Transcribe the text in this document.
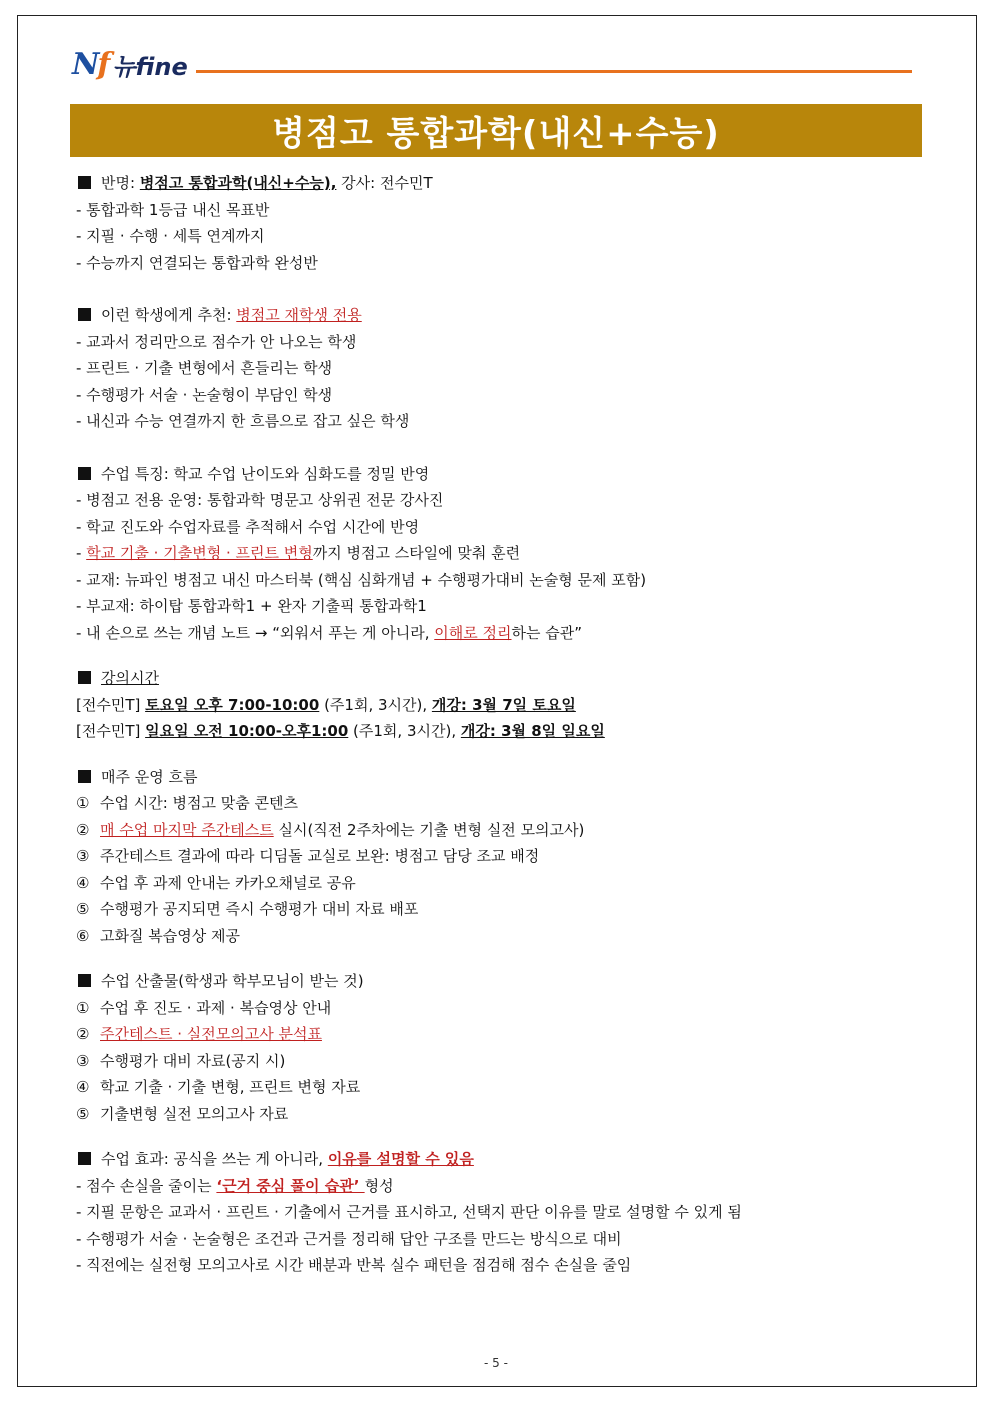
Nf 뉴fine
병점고 통합과학(내신+수능)
반명: 병점고 통합과학(내신+수능), 강사: 전수민T
- 통합과학 1등급 내신 목표반
- 지필 · 수행 · 세특 연계까지
- 수능까지 연결되는 통합과학 완성반
이런 학생에게 추천: 병점고 재학생 전용
- 교과서 정리만으로 점수가 안 나오는 학생
- 프린트 · 기출 변형에서 흔들리는 학생
- 수행평가 서술 · 논술형이 부담인 학생
- 내신과 수능 연결까지 한 흐름으로 잡고 싶은 학생
수업 특징: 학교 수업 난이도와 심화도를 정밀 반영
- 병점고 전용 운영: 통합과학 명문고 상위권 전문 강사진
- 학교 진도와 수업자료를 추적해서 수업 시간에 반영
- 학교 기출 · 기출변형 · 프린트 변형까지 병점고 스타일에 맞춰 훈련
- 교재: 뉴파인 병점고 내신 마스터북 (핵심 심화개념 + 수행평가대비 논술형 문제 포함)
- 부교재: 하이탑 통합과학1 + 완자 기출픽 통합과학1
- 내 손으로 쓰는 개념 노트 → “외워서 푸는 게 아니라, 이해로 정리하는 습관”
강의시간
[전수민T] 토요일 오후 7:00-10:00 (주1회, 3시간), 개강: 3월 7일 토요일
[전수민T] 일요일 오전 10:00-오후1:00 (주1회, 3시간), 개강: 3월 8일 일요일
매주 운영 흐름
① 수업 시간: 병점고 맞춤 콘텐츠
② 매 수업 마지막 주간테스트 실시(직전 2주차에는 기출 변형 실전 모의고사)
③ 주간테스트 결과에 따라 디딤돌 교실로 보완: 병점고 담당 조교 배정
④ 수업 후 과제 안내는 카카오채널로 공유
⑤ 수행평가 공지되면 즉시 수행평가 대비 자료 배포
⑥ 고화질 복습영상 제공
수업 산출물(학생과 학부모님이 받는 것)
① 수업 후 진도 · 과제 · 복습영상 안내
② 주간테스트 · 실전모의고사 분석표
③ 수행평가 대비 자료(공지 시)
④ 학교 기출 · 기출 변형, 프린트 변형 자료
⑤ 기출변형 실전 모의고사 자료
수업 효과: 공식을 쓰는 게 아니라, 이유를 설명할 수 있음
- 점수 손실을 줄이는 ‘근거 중심 풀이 습관’ 형성
- 지필 문항은 교과서 · 프린트 · 기출에서 근거를 표시하고, 선택지 판단 이유를 말로 설명할 수 있게 됨
- 수행평가 서술 · 논술형은 조건과 근거를 정리해 답안 구조를 만드는 방식으로 대비
- 직전에는 실전형 모의고사로 시간 배분과 반복 실수 패턴을 점검해 점수 손실을 줄임
- 5 -
